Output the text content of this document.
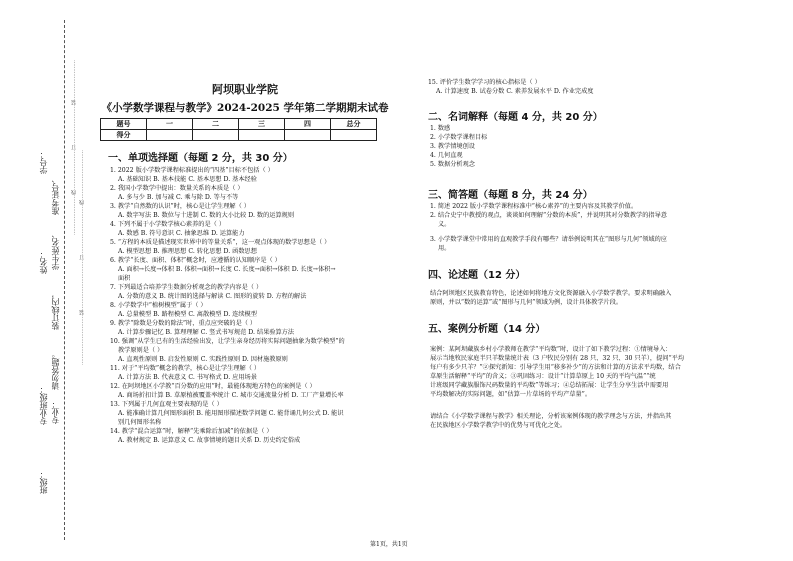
学号：
姓名：
专业班级：
班级：
准考证号、
学生姓名、
装订线内，
请勿答题。
专业：
……………………线……………………订……………………装……………………
…………………………装…………………………订…………………………线…………………………
阿坝职业学院
《小学数学课程与教学》2024-2025 学年第二学期期末试卷
题号	一	二	三	四	总分
得分					
一、单项选择题（每题 2 分，共 30 分）
1. 2022 版小学数学课程标准提出的“四基”目标不包括（ ）
A. 基础知识 B. 基本技能 C. 基本思想 D. 基本经验
2. 我国小学数学中提出：数量关系的本质是（ ）
A. 多与少 B. 加与减 C. 乘与除 D. 等与不等
3. 教学“自然数的认识”时，核心是让学生理解（ ）
A. 数字写法 B. 数位与十进制 C. 数的大小比较 D. 数的运算规则
4. 下列不属于小学数学核心素养的是（ ）
A. 数感 B. 符号意识 C. 抽象思维 D. 运算能力
5. “方程的本质是描述现实世界中的等量关系”，这一观点体现的数学思想是（ ）
A. 模型思想 B. 推理思想 C. 转化思想 D. 函数思想
6. 教学“长度、面积、体积”概念时，应遵循的认知顺序是（ ）
A. 面积→长度→体积 B. 体积→面积→长度 C. 长度→面积→体积 D. 长度→体积→
面积
7. 下列最适合培养学生数据分析观念的教学内容是（ ）
A. 分数的意义 B. 统计图的选择与解读 C. 图形的旋转 D. 方程的解法
8. 小学数学中“植树模型”属于（ ）
A. 总量模型 B. 路程模型 C. 离散模型 D. 连续模型
9. 教学“除数是分数的除法”时，重点应突破的是（ ）
A. 计算步骤记忆 B. 算理理解 C. 竖式书写规范 D. 结果验算方法
10. 强调“从学生已有的生活经验出发，让学生亲身经历将实际问题抽象为数学模型”的
教学原则是（ ）
A. 直观性原则 B. 启发性原则 C. 实践性原则 D. 因材施教原则
11. 对于“平均数”概念的教学，核心是让学生理解（ ）
A. 计算方法 B. 代表意义 C. 书写格式 D. 应用场景
12. 在阿坝地区小学教“百分数的应用”时，最能体现地方特色的案例是（ ）
A. 商场折扣计算 B. 草原植被覆盖率统计 C. 城市交通流量分析 D. 工厂产量增长率
13. 下列属于几何直观主要表现的是（ ）
A. 能准确计算几何图形面积 B. 能用图形描述数学问题 C. 能背诵几何公式 D. 能识
别几何图形名称
14. 教学“混合运算”时，解释“先乘除后加减”的依据是（ ）
A. 教材规定 B. 运算意义 C. 故事情境的题目关系 D. 历史约定俗成
15. 评价学生数学学习的核心指标是（ ）
A. 计算速度 B. 试卷分数 C. 素养发展水平 D. 作业完成度
二、名词解释（每题 4 分，共 20 分）
1. 数感
2. 小学数学课程目标
3. 教学情境创设
4. 几何直观
5. 数据分析观念
三、简答题（每题 8 分，共 24 分）
1. 简述 2022 版小学数学课程标准中“核心素养”的主要内容及其教学价值。
2. 结合史宁中教授的观点，谈谈如何理解“分数的本质”，并说明其对分数教学的指导意
义。
3. 小学数学课堂中常用的直观教学手段有哪些？请举例说明其在“图形与几何”领域的应
用。
四、论述题（12 分）
结合阿坝地区民族教育特色，论述如何将地方文化资源融入小学数学教学。要求明确融入
原则，并以“数的运算”或“图形与几何”领域为例，设计具体教学片段。
五、案例分析题（14 分）
案例：某阿坝藏族乡村小学教师在教学“平均数”时，设计了如下教学过程：①情境导入：
展示当地牧民家庭半只羊数量统计表（3 户牧民分别有 28 只、32 只、30 只羊），提问“平均
每户有多少只羊？”②探究新知：引导学生用“移多补少”的方法和计算的方法求平均数，结合
草原生活解释“平均”的含义；③巩固练习：设计“计算草原上 10 天的平均气温”“统
计班级同学藏族服饰尺码数量的平均数”等练习；④总结拓展：让学生分享生活中需要用
平均数解决的实际问题，如“估算一片草场的平均产草量”。
请结合《小学数学课程与教学》相关理论，分析该案例体现的教学理念与方法，并指出其
在民族地区小学数学教学中的优势与可优化之处。
第1页，共1页
